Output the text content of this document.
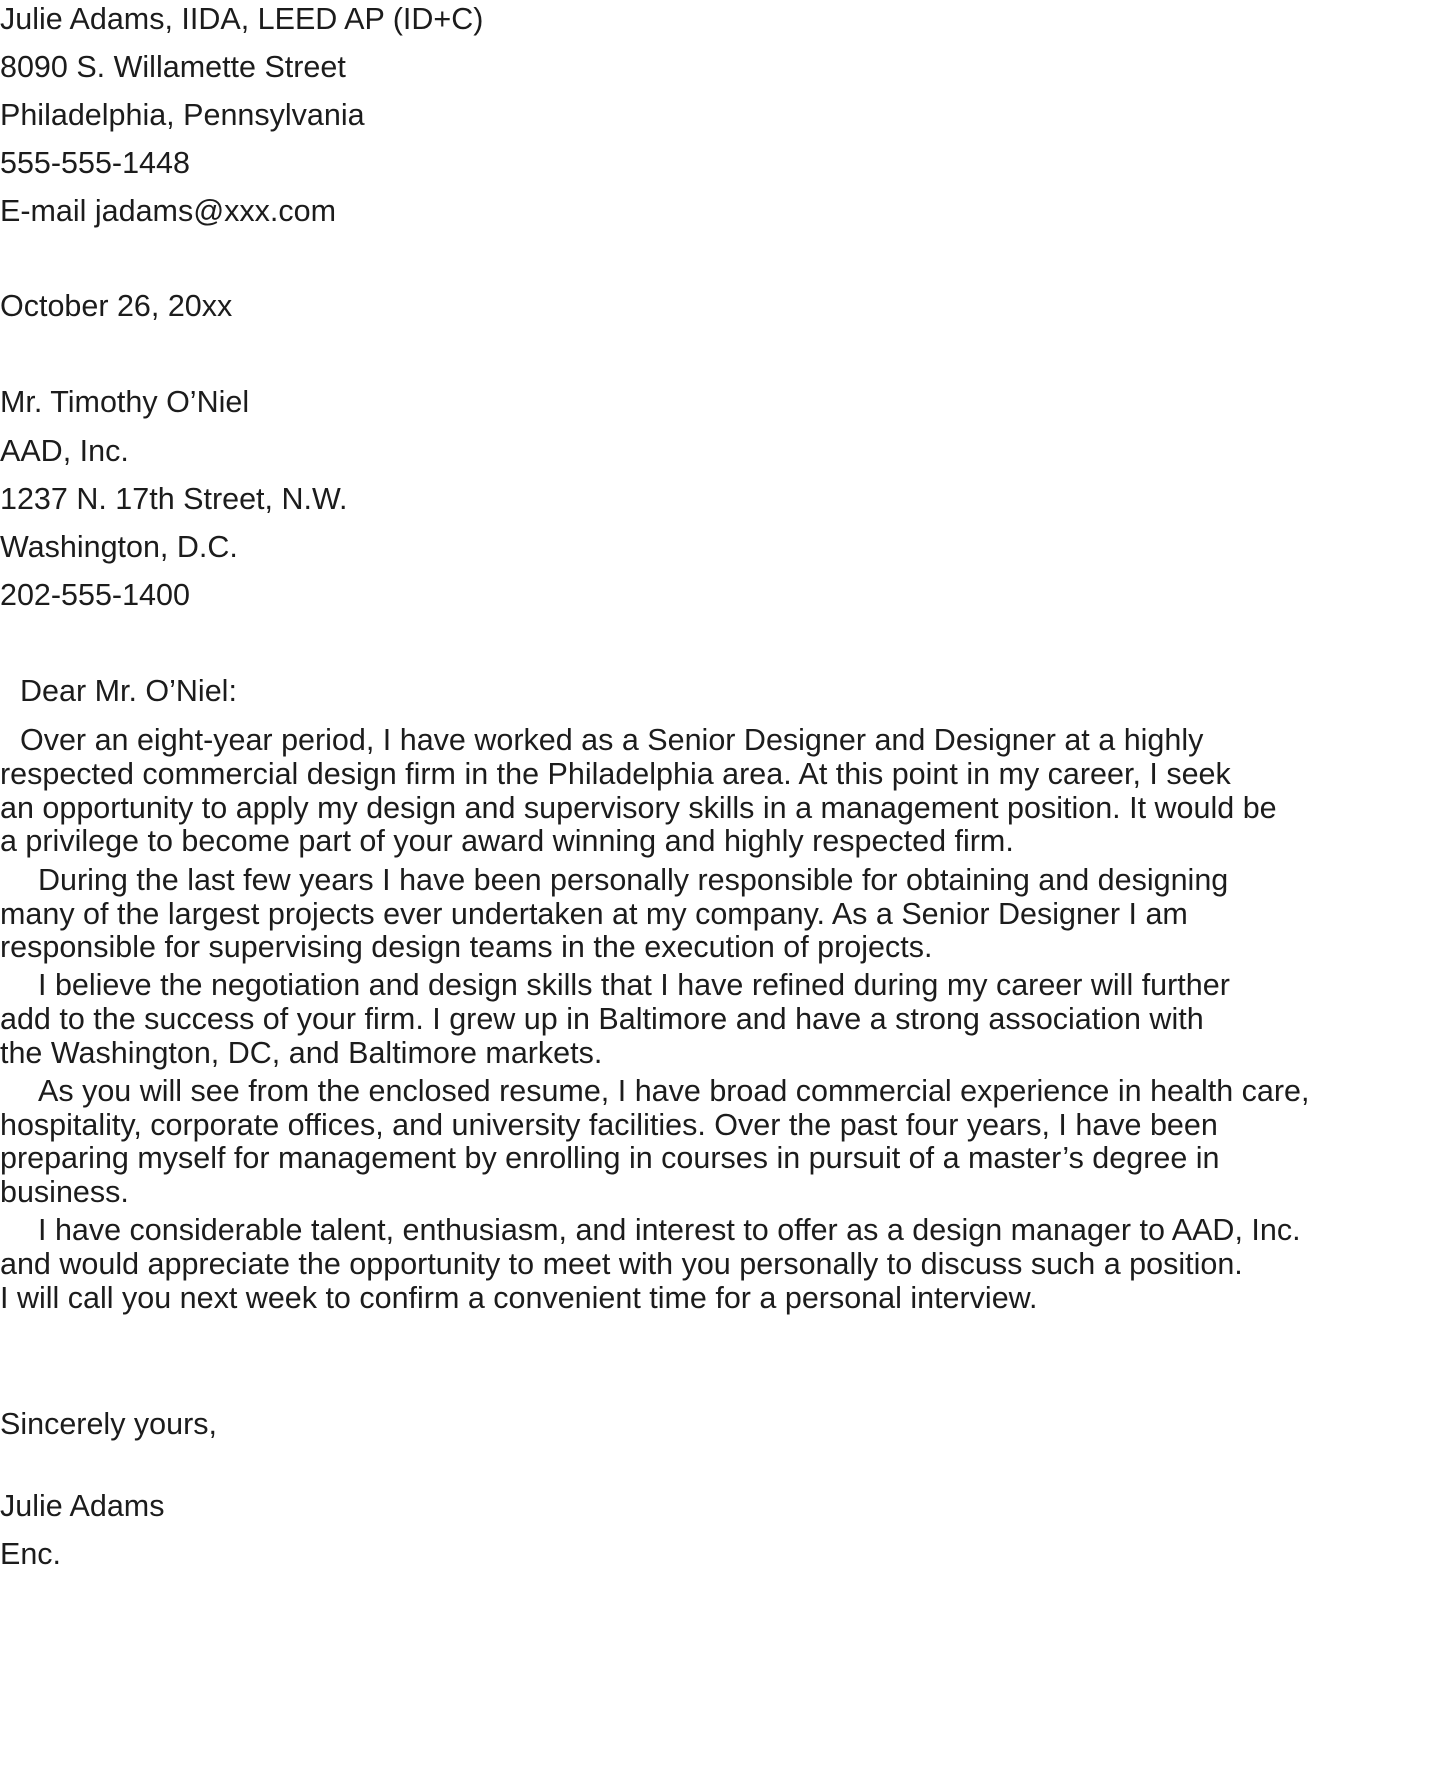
Julie Adams, IIDA, LEED AP (ID+C)
8090 S. Willamette Street
Philadelphia, Pennsylvania
555-555-1448
E-mail jadams@xxx.com
October 26, 20xx
Mr. Timothy O’Niel
AAD, Inc.
1237 N. 17th Street, N.W.
Washington, D.C.
202-555-1400
Dear Mr. O’Niel:
Over an eight-year period, I have worked as a Senior Designer and Designer at a highly
respected commercial design firm in the Philadelphia area. At this point in my career, I seek
an opportunity to apply my design and supervisory skills in a management position. It would be
a privilege to become part of your award winning and highly respected firm.
During the last few years I have been personally responsible for obtaining and designing
many of the largest projects ever undertaken at my company. As a Senior Designer I am
responsible for supervising design teams in the execution of projects.
I believe the negotiation and design skills that I have refined during my career will further
add to the success of your firm. I grew up in Baltimore and have a strong association with
the Washington, DC, and Baltimore markets.
As you will see from the enclosed resume, I have broad commercial experience in health care,
hospitality, corporate offices, and university facilities. Over the past four years, I have been
preparing myself for management by enrolling in courses in pursuit of a master’s degree in
business.
I have considerable talent, enthusiasm, and interest to offer as a design manager to AAD, Inc.
and would appreciate the opportunity to meet with you personally to discuss such a position.
I will call you next week to confirm a convenient time for a personal interview.
Sincerely yours,
Julie Adams
Enc.
